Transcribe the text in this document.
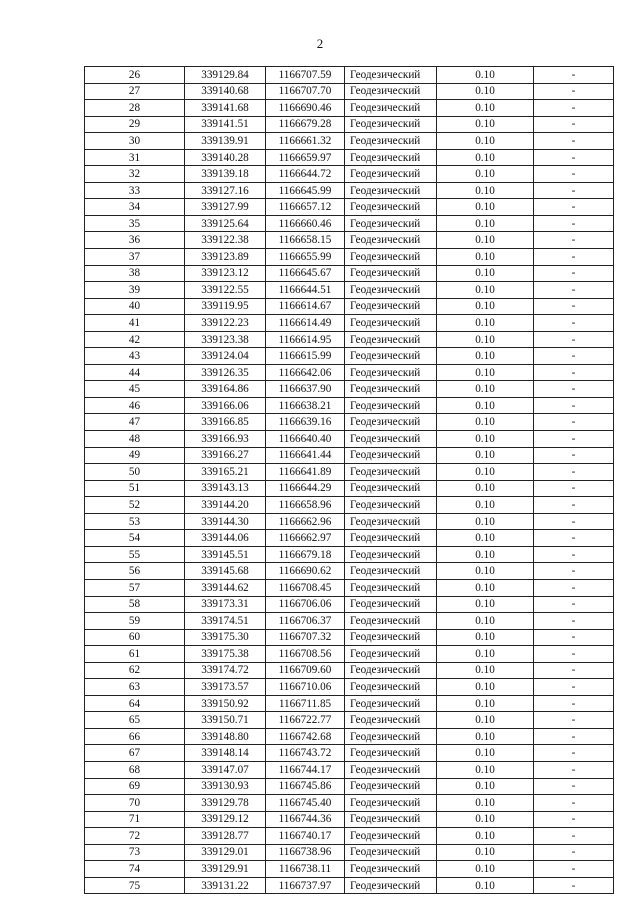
2
26	339129.84	1166707.59	Геодезический	0.10	-
27	339140.68	1166707.70	Геодезический	0.10	-
28	339141.68	1166690.46	Геодезический	0.10	-
29	339141.51	1166679.28	Геодезический	0.10	-
30	339139.91	1166661.32	Геодезический	0.10	-
31	339140.28	1166659.97	Геодезический	0.10	-
32	339139.18	1166644.72	Геодезический	0.10	-
33	339127.16	1166645.99	Геодезический	0.10	-
34	339127.99	1166657.12	Геодезический	0.10	-
35	339125.64	1166660.46	Геодезический	0.10	-
36	339122.38	1166658.15	Геодезический	0.10	-
37	339123.89	1166655.99	Геодезический	0.10	-
38	339123.12	1166645.67	Геодезический	0.10	-
39	339122.55	1166644.51	Геодезический	0.10	-
40	339119.95	1166614.67	Геодезический	0.10	-
41	339122.23	1166614.49	Геодезический	0.10	-
42	339123.38	1166614.95	Геодезический	0.10	-
43	339124.04	1166615.99	Геодезический	0.10	-
44	339126.35	1166642.06	Геодезический	0.10	-
45	339164.86	1166637.90	Геодезический	0.10	-
46	339166.06	1166638.21	Геодезический	0.10	-
47	339166.85	1166639.16	Геодезический	0.10	-
48	339166.93	1166640.40	Геодезический	0.10	-
49	339166.27	1166641.44	Геодезический	0.10	-
50	339165.21	1166641.89	Геодезический	0.10	-
51	339143.13	1166644.29	Геодезический	0.10	-
52	339144.20	1166658.96	Геодезический	0.10	-
53	339144.30	1166662.96	Геодезический	0.10	-
54	339144.06	1166662.97	Геодезический	0.10	-
55	339145.51	1166679.18	Геодезический	0.10	-
56	339145.68	1166690.62	Геодезический	0.10	-
57	339144.62	1166708.45	Геодезический	0.10	-
58	339173.31	1166706.06	Геодезический	0.10	-
59	339174.51	1166706.37	Геодезический	0.10	-
60	339175.30	1166707.32	Геодезический	0.10	-
61	339175.38	1166708.56	Геодезический	0.10	-
62	339174.72	1166709.60	Геодезический	0.10	-
63	339173.57	1166710.06	Геодезический	0.10	-
64	339150.92	1166711.85	Геодезический	0.10	-
65	339150.71	1166722.77	Геодезический	0.10	-
66	339148.80	1166742.68	Геодезический	0.10	-
67	339148.14	1166743.72	Геодезический	0.10	-
68	339147.07	1166744.17	Геодезический	0.10	-
69	339130.93	1166745.86	Геодезический	0.10	-
70	339129.78	1166745.40	Геодезический	0.10	-
71	339129.12	1166744.36	Геодезический	0.10	-
72	339128.77	1166740.17	Геодезический	0.10	-
73	339129.01	1166738.96	Геодезический	0.10	-
74	339129.91	1166738.11	Геодезический	0.10	-
75	339131.22	1166737.97	Геодезический	0.10	-
